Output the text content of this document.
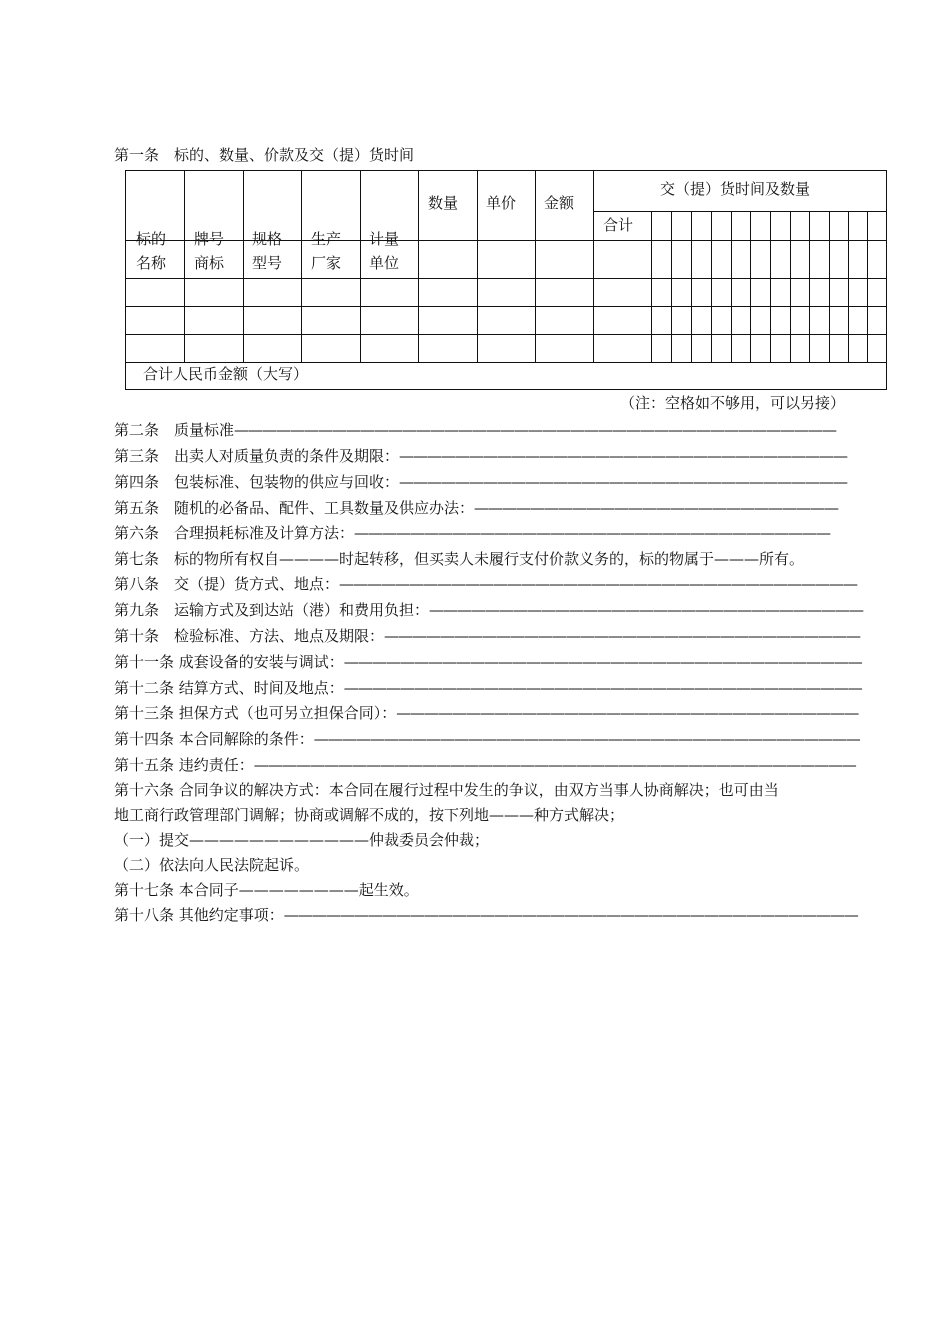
第一条　标的、数量、价款及交（提）货时间

标的
名称

牌号
商标

规格
型号

生产
厂家

计量
单位

数量 单价 金额
交（提）货时间及数量
合计
合计人民币金额（大写）
（注：空格如不够用，可以另接）
第二条　质量标准———————————————————————————————————————————
第三条　出卖人对质量负责的条件及期限：————————————————————————————————
第四条　包装标准、包装物的供应与回收：————————————————————————————————
第五条　随机的必备品、配件、工具数量及供应办法：——————————————————————————
第六条　合理损耗标准及计算方法：——————————————————————————————————
第七条　标的物所有权自————时起转移，但买卖人未履行支付价款义务的，标的物属于———所有。
第八条　交（提）货方式、地点：—————————————————————————————————————
第九条　运输方式及到达站（港）和费用负担：———————————————————————————————
第十条　检验标准、方法、地点及期限：——————————————————————————————————
第十一条 成套设备的安装与调试：—————————————————————————————————————
第十二条 结算方式、时间及地点：—————————————————————————————————————
第十三条 担保方式（也可另立担保合同）：—————————————————————————————————
第十四条 本合同解除的条件：———————————————————————————————————————
第十五条 违约责任：———————————————————————————————————————————
第十六条 合同争议的解决方式：本合同在履行过程中发生的争议，由双方当事人协商解决；也可由当
地工商行政管理部门调解；协商或调解不成的，按下列地———种方式解决；
（一）提交————————————仲裁委员会仲裁；
（二）依法向人民法院起诉。
第十七条 本合同子————————起生效。
第十八条 其他约定事项：—————————————————————————————————————————
